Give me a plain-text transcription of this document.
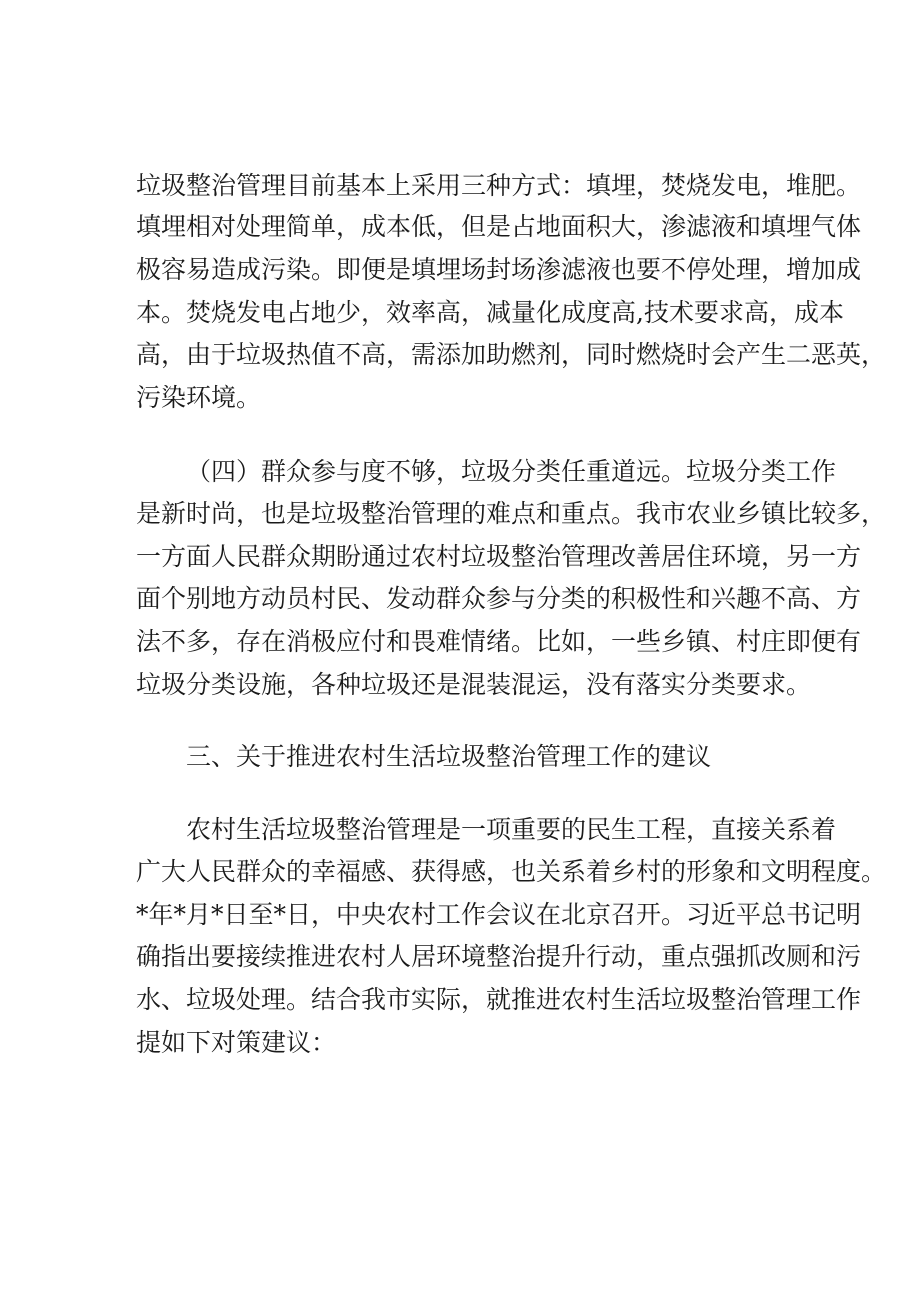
垃圾整治管理目前基本上采用三种方式：填埋，焚烧发电，堆肥。
填埋相对处理简单，成本低，但是占地面积大，渗滤液和填埋气体
极容易造成污染。即便是填埋场封场渗滤液也要不停处理，增加成
本。焚烧发电占地少，效率高，减量化成度高,技术要求高，成本
高，由于垃圾热值不高，需添加助燃剂，同时燃烧时会产生二恶英，
污染环境。
（四）群众参与度不够，垃圾分类任重道远。垃圾分类工作
是新时尚，也是垃圾整治管理的难点和重点。我市农业乡镇比较多，
一方面人民群众期盼通过农村垃圾整治管理改善居住环境，另一方
面个别地方动员村民、发动群众参与分类的积极性和兴趣不高、方
法不多，存在消极应付和畏难情绪。比如，一些乡镇、村庄即便有
垃圾分类设施，各种垃圾还是混装混运，没有落实分类要求。
三、关于推进农村生活垃圾整治管理工作的建议
农村生活垃圾整治管理是一项重要的民生工程，直接关系着
广大人民群众的幸福感、获得感，也关系着乡村的形象和文明程度。
*年*月*日至*日，中央农村工作会议在北京召开。习近平总书记明
确指出要接续推进农村人居环境整治提升行动，重点强抓改厕和污
水、垃圾处理。结合我市实际，就推进农村生活垃圾整治管理工作
提如下对策建议：
